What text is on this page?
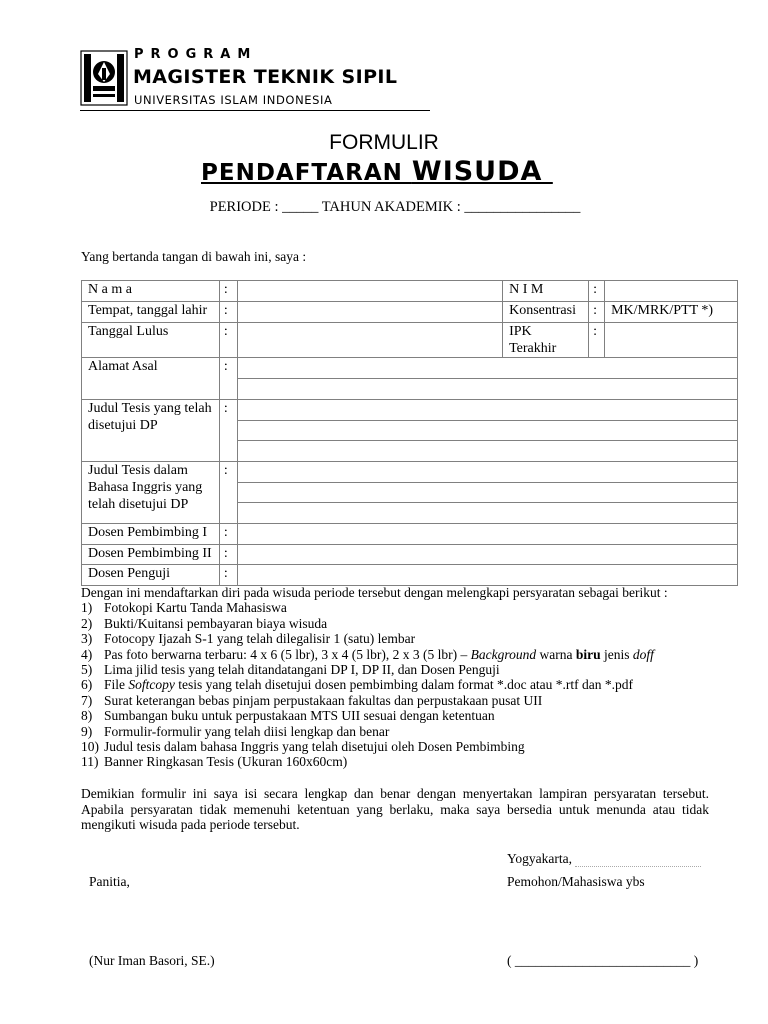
PROGRAM
MAGISTER TEKNIK SIPIL
UNIVERSITAS ISLAM INDONESIA
FORMULIR
PENDAFTARAN WISUDA
PERIODE : _____ TAHUN AKADEMIK : ________________
Yang bertanda tangan di bawah ini, saya :
N a m a	:		N I M	:	
Tempat, tanggal lahir	:		Konsentrasi	:	MK/MRK/PTT *)
Tanggal Lulus	:		IPK Terakhir	:	
Alamat Asal	:				

Judul Tesis yang telah disetujui DP	:				

Judul Tesis dalam Bahasa Inggris yang telah disetujui DP	:				

Dosen Pembimbing I	:				
Dosen Pembimbing II	:				
Dosen Penguji	:				
Dengan ini mendaftarkan diri pada wisuda periode tersebut dengan melengkapi persyaratan sebagai berikut :
1) Fotokopi Kartu Tanda Mahasiswa
2) Bukti/Kuitansi pembayaran biaya wisuda
3) Fotocopy Ijazah S-1 yang telah dilegalisir 1 (satu) lembar
4) Pas foto berwarna terbaru: 4 x 6 (5 lbr), 3 x 4 (5 lbr), 2 x 3 (5 lbr) – Background warna biru jenis doff
5) Lima jilid tesis yang telah ditandatangani DP I, DP II, dan Dosen Penguji
6) File Softcopy tesis yang telah disetujui dosen pembimbing dalam format *.doc atau *.rtf dan *.pdf
7) Surat keterangan bebas pinjam perpustakaan fakultas dan perpustakaan pusat UII
8) Sumbangan buku untuk perpustakaan MTS UII sesuai dengan ketentuan
9) Formulir-formulir yang telah diisi lengkap dan benar
10) Judul tesis dalam bahasa Inggris yang telah disetujui oleh Dosen Pembimbing
11) Banner Ringkasan Tesis (Ukuran 160x60cm)
Demikian formulir ini saya isi secara lengkap dan benar dengan menyertakan lampiran persyaratan tersebut. Apabila persyaratan tidak memenuhi ketentuan yang berlaku, maka saya bersedia untuk menunda atau tidak mengikuti wisuda pada periode tersebut.
Yogyakarta,
Panitia,	Pemohon/Mahasiswa ybs
(Nur Iman Basori, SE.)	( __________________________ )
